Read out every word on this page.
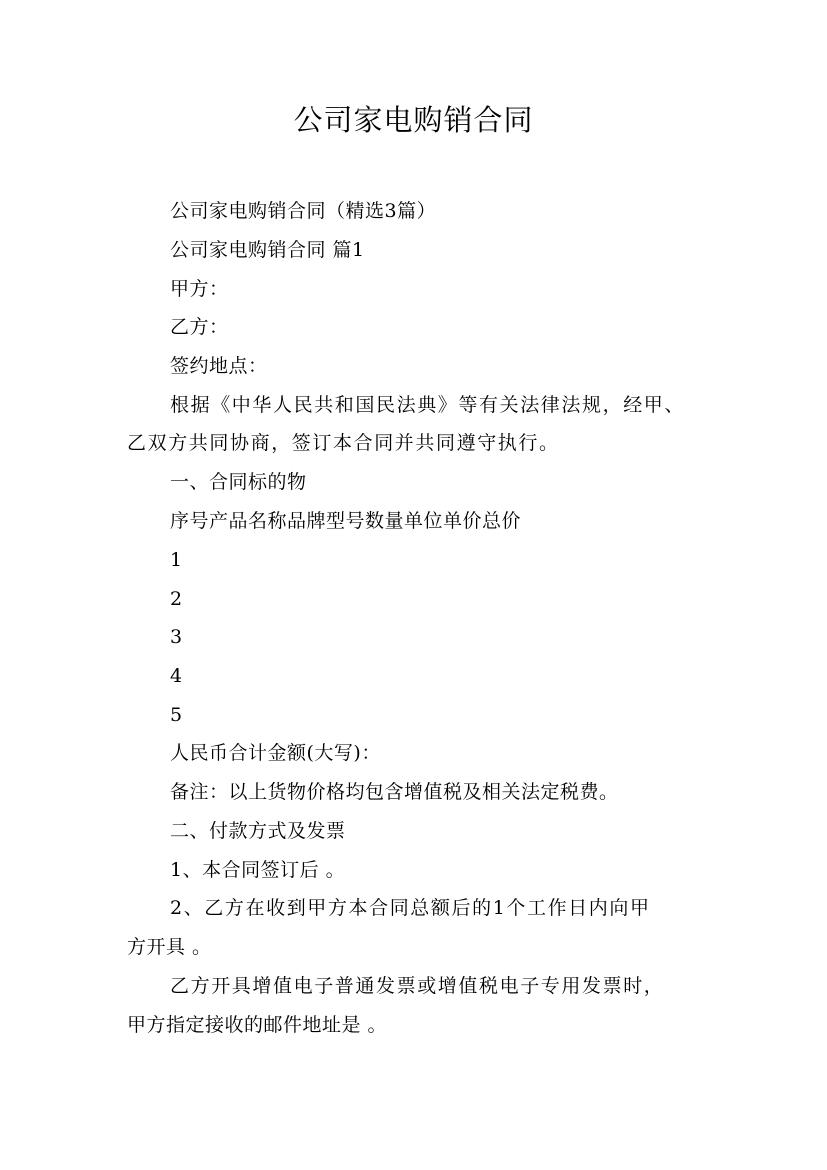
公司家电购销合同
公司家电购销合同（精选3篇）
公司家电购销合同 篇1
甲方：
乙方：
签约地点：
根据《中华人民共和国民法典》等有关法律法规，经甲、
乙双方共同协商，签订本合同并共同遵守执行。
一、合同标的物
序号产品名称品牌型号数量单位单价总价
1
2
3
4
5
人民币合计金额(大写)：
备注：以上货物价格均包含增值税及相关法定税费。
二、付款方式及发票
1、本合同签订后 。
2、乙方在收到甲方本合同总额后的1个工作日内向甲
方开具 。
乙方开具增值电子普通发票或增值税电子专用发票时，
甲方指定接收的邮件地址是 。
